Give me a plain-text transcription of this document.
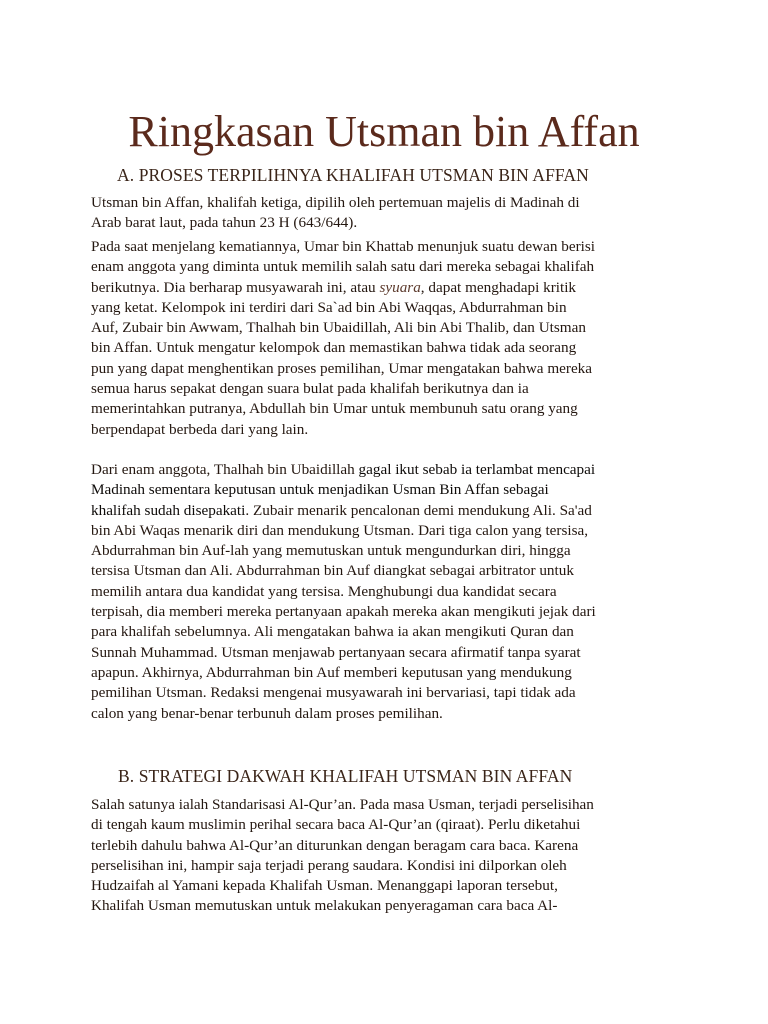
Ringkasan Utsman bin Affan
A. PROSES TERPILIHNYA KHALIFAH UTSMAN BIN AFFAN
Utsman bin Affan, khalifah ketiga, dipilih oleh pertemuan majelis di Madinah di
Arab barat laut, pada tahun 23 H (643/644).
Pada saat menjelang kematiannya, Umar bin Khattab menunjuk suatu dewan berisi
enam anggota yang diminta untuk memilih salah satu dari mereka sebagai khalifah
berikutnya. Dia berharap musyawarah ini, atau syuara, dapat menghadapi kritik
yang ketat. Kelompok ini terdiri dari Sa`ad bin Abi Waqqas, Abdurrahman bin
Auf, Zubair bin Awwam, Thalhah bin Ubaidillah, Ali bin Abi Thalib, dan Utsman
bin Affan. Untuk mengatur kelompok dan memastikan bahwa tidak ada seorang
pun yang dapat menghentikan proses pemilihan, Umar mengatakan bahwa mereka
semua harus sepakat dengan suara bulat pada khalifah berikutnya dan ia
memerintahkan putranya, Abdullah bin Umar untuk membunuh satu orang yang
berpendapat berbeda dari yang lain.
Dari enam anggota, Thalhah bin Ubaidillah gagal ikut sebab ia terlambat mencapai
Madinah sementara keputusan untuk menjadikan Usman Bin Affan sebagai
khalifah sudah disepakati. Zubair menarik pencalonan demi mendukung Ali. Sa'ad
bin Abi Waqas menarik diri dan mendukung Utsman. Dari tiga calon yang tersisa,
Abdurrahman bin Auf-lah yang memutuskan untuk mengundurkan diri, hingga
tersisa Utsman dan Ali. Abdurrahman bin Auf diangkat sebagai arbitrator untuk
memilih antara dua kandidat yang tersisa. Menghubungi dua kandidat secara
terpisah, dia memberi mereka pertanyaan apakah mereka akan mengikuti jejak dari
para khalifah sebelumnya. Ali mengatakan bahwa ia akan mengikuti Quran dan
Sunnah Muhammad. Utsman menjawab pertanyaan secara afirmatif tanpa syarat
apapun. Akhirnya, Abdurrahman bin Auf memberi keputusan yang mendukung
pemilihan Utsman. Redaksi mengenai musyawarah ini bervariasi, tapi tidak ada
calon yang benar-benar terbunuh dalam proses pemilihan.
B. STRATEGI DAKWAH KHALIFAH UTSMAN BIN AFFAN
Salah satunya ialah Standarisasi Al-Qur’an. Pada masa Usman, terjadi perselisihan
di tengah kaum muslimin perihal secara baca Al-Qur’an (qiraat). Perlu diketahui
terlebih dahulu bahwa Al-Qur’an diturunkan dengan beragam cara baca. Karena
perselisihan ini, hampir saja terjadi perang saudara. Kondisi ini dilporkan oleh
Hudzaifah al Yamani kepada Khalifah Usman. Menanggapi laporan tersebut,
Khalifah Usman memutuskan untuk melakukan penyeragaman cara baca Al-
